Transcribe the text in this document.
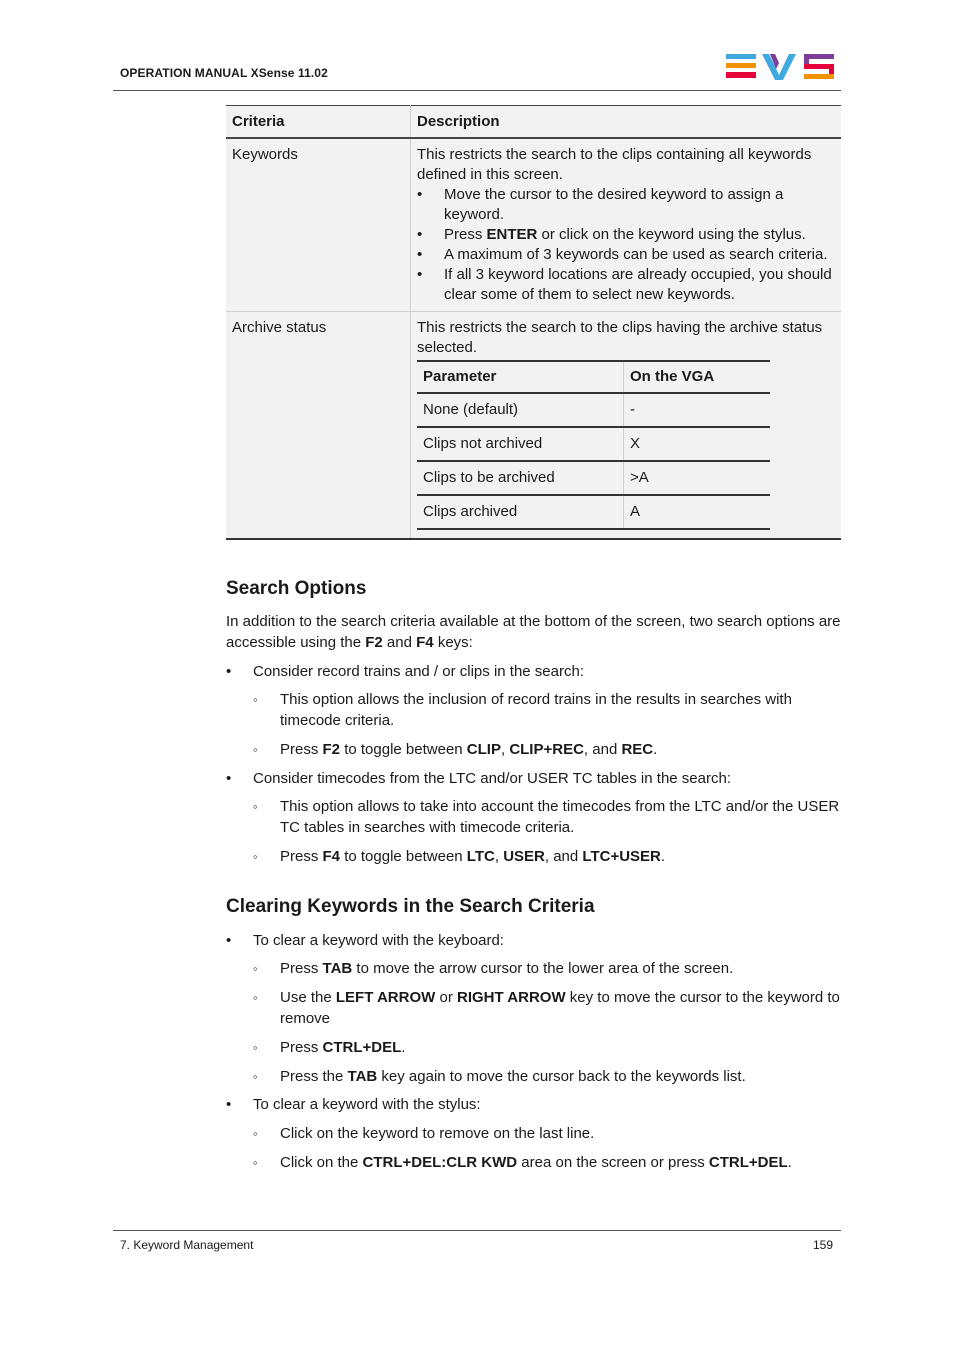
OPERATION MANUAL XSense 11.02
Criteria	Description
Keywords	This restricts the search to the clips containing all keywords defined in this screen.

• Move the cursor to the desired keyword to assign a keyword.
• Press ENTER or click on the keyword using the stylus.
• A maximum of 3 keywords can be used as search criteria.
• If all 3 keyword locations are already occupied, you should clear some of them to select new keywords.

Archive status	This restricts the search to the clips having the archive status selected.

Parameter	On the VGA
None (default)	-
Clips not archived	X
Clips to be archived	>A
Clips archived	A
Search Options

In addition to the search criteria available at the bottom of the screen, two search options are accessible using the F2 and F4 keys:

• Consider record trains and / or clips in the search:
◦ This option allows the inclusion of record trains in the results in searches with timecode criteria.
◦ Press F2 to toggle between CLIP, CLIP+REC, and REC.
• Consider timecodes from the LTC and/or USER TC tables in the search:
◦ This option allows to take into account the timecodes from the LTC and/or the USER TC tables in searches with timecode criteria.
◦ Press F4 to toggle between LTC, USER, and LTC+USER.
Clearing Keywords in the Search Criteria
• To clear a keyword with the keyboard:
◦ Press TAB to move the arrow cursor to the lower area of the screen.
◦ Use the LEFT ARROW or RIGHT ARROW key to move the cursor to the keyword to remove
◦ Press CTRL+DEL.
◦ Press the TAB key again to move the cursor back to the keywords list.
• To clear a keyword with the stylus:
◦ Click on the keyword to remove on the last line.
◦ Click on the CTRL+DEL:CLR KWD area on the screen or press CTRL+DEL.
7. Keyword Management	159
